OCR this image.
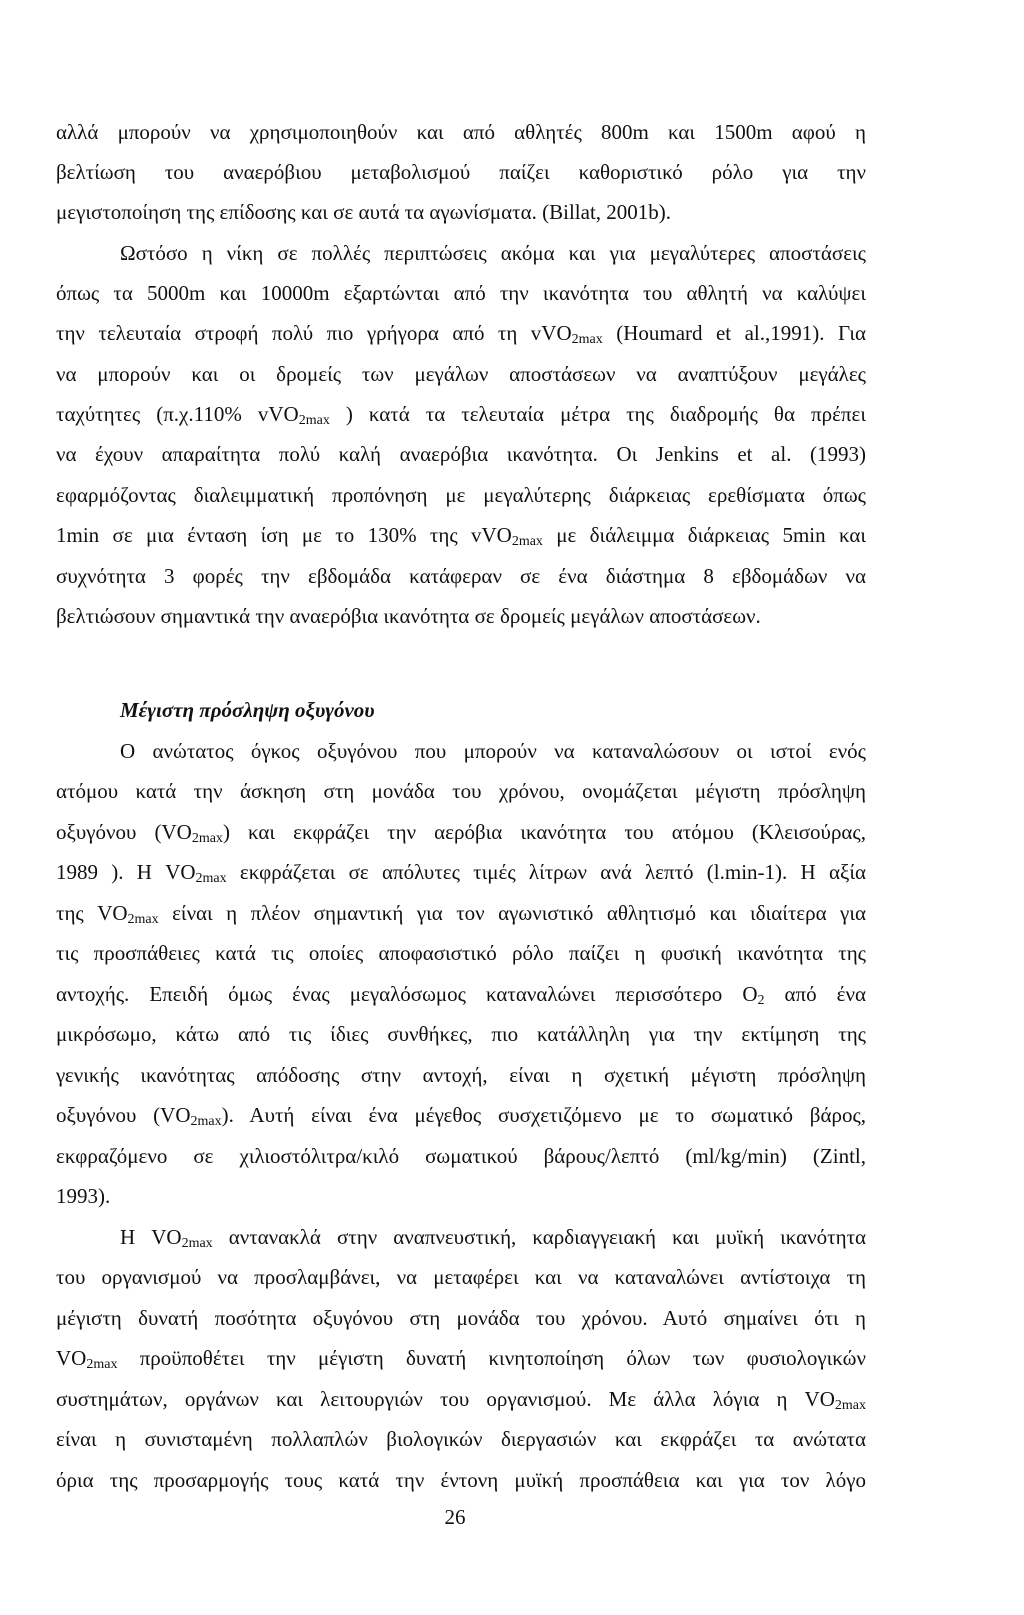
αλλά μπορούν να χρησιμοποιηθούν και από αθλητές 800m και 1500m αφού η
βελτίωση του αναερόβιου μεταβολισμού παίζει καθοριστικό ρόλο για την
μεγιστοποίηση της επίδοσης και σε αυτά τα αγωνίσματα. (Billat, 2001b).
Ωστόσο η νίκη σε πολλές περιπτώσεις ακόμα και για μεγαλύτερες αποστάσεις
όπως τα 5000m και 10000m εξαρτώνται από την ικανότητα του αθλητή να καλύψει
την τελευταία στροφή πολύ πιο γρήγορα από τη vVO$_{2max}$ (Houmard et al.,1991). Για
να μπορούν και οι δρομείς των μεγάλων αποστάσεων να αναπτύξουν μεγάλες
ταχύτητες (π.χ.110% vVO$_{2max}$ ) κατά τα τελευταία μέτρα της διαδρομής θα πρέπει
να έχουν απαραίτητα πολύ καλή αναερόβια ικανότητα. Οι Jenkins et al. (1993)
εφαρμόζοντας διαλειμματική προπόνηση με μεγαλύτερης διάρκειας ερεθίσματα όπως
1min σε μια ένταση ίση με το 130% της vVO$_{2max}$ με διάλειμμα διάρκειας 5min και
συχνότητα 3 φορές την εβδομάδα κατάφεραν σε ένα διάστημα 8 εβδομάδων να
βελτιώσουν σημαντικά την αναερόβια ικανότητα σε δρομείς μεγάλων αποστάσεων.
Μέγιστη πρόσληψη οξυγόνου
Ο ανώτατος όγκος οξυγόνου που μπορούν να καταναλώσουν οι ιστοί ενός
ατόμου κατά την άσκηση στη μονάδα του χρόνου, ονομάζεται μέγιστη πρόσληψη
οξυγόνου $(VO_{2max})$ και εκφράζει την αερόβια ικανότητα του ατόμου (Κλεισούρας,
1989 ). Η $VO_{2max}$ εκφράζεται σε απόλυτες τιμές λίτρων ανά λεπτό (l.min-1). Η αξία
της $VO_{2max}$ είναι η πλέον σημαντική για τον αγωνιστικό αθλητισμό και ιδιαίτερα για
τις προσπάθειες κατά τις οποίες αποφασιστικό ρόλο παίζει η φυσική ικανότητα της
αντοχής. Επειδή όμως ένας μεγαλόσωμος καταναλώνει περισσότερο $O_2$ από ένα
μικρόσωμο, κάτω από τις ίδιες συνθήκες, πιο κατάλληλη για την εκτίμηση της
γενικής ικανότητας απόδοσης στην αντοχή, είναι η σχετική μέγιστη πρόσληψη
οξυγόνου $(VO_{2max})$. Αυτή είναι ένα μέγεθος συσχετιζόμενο με το σωματικό βάρος,
εκφραζόμενο σε χιλιοστόλιτρα/κιλό σωματικού βάρους/λεπτό (ml/kg/min) (Zintl,
1993).
Η $VO_{2max}$ αντανακλά στην αναπνευστική, καρδιαγγειακή και μυϊκή ικανότητα
του οργανισμού να προσλαμβάνει, να μεταφέρει και να καταναλώνει αντίστοιχα τη
μέγιστη δυνατή ποσότητα οξυγόνου στη μονάδα του χρόνου. Αυτό σημαίνει ότι η
$VO_{2max}$ προϋποθέτει την μέγιστη δυνατή κινητοποίηση όλων των φυσιολογικών
συστημάτων, οργάνων και λειτουργιών του οργανισμού. Με άλλα λόγια η $VO_{2max}$
είναι η συνισταμένη πολλαπλών βιολογικών διεργασιών και εκφράζει τα ανώτατα
όρια της προσαρμογής τους κατά την έντονη μυϊκή προσπάθεια και για τον λόγο
26
